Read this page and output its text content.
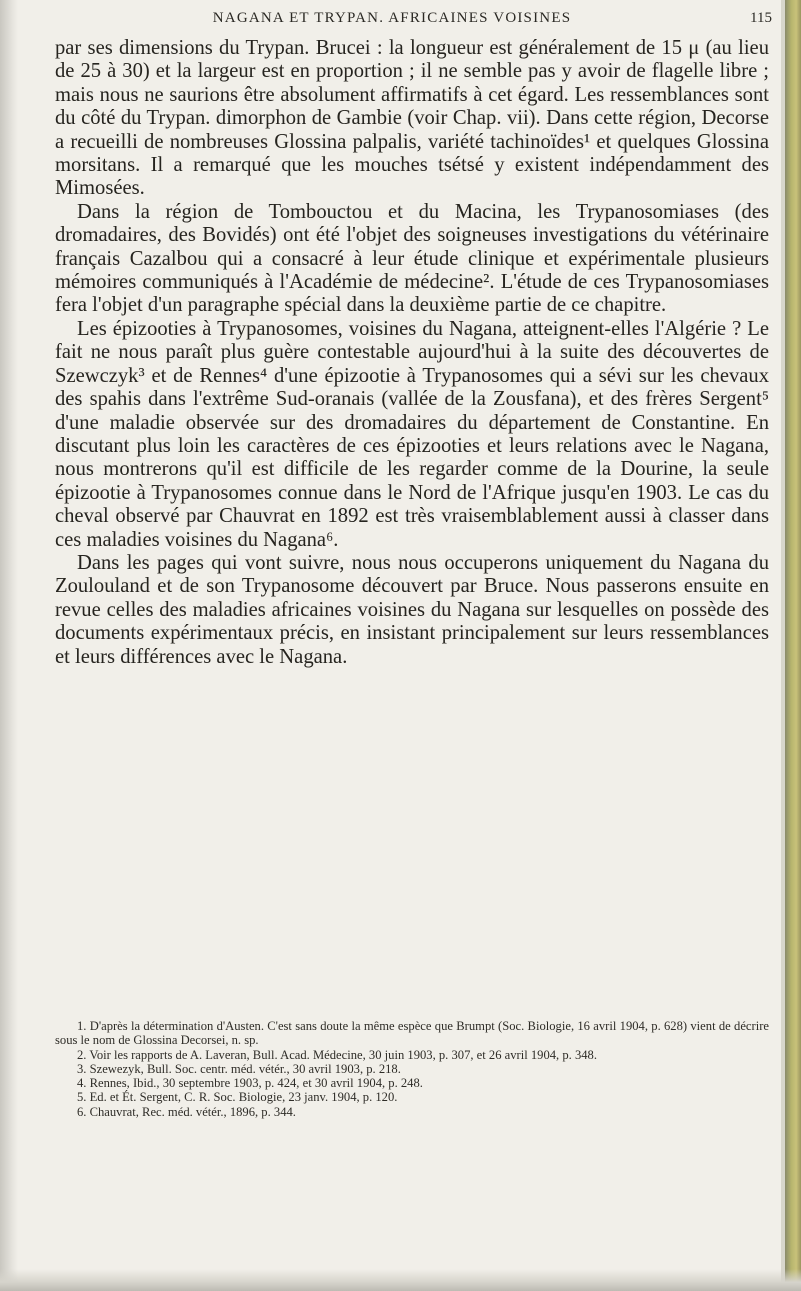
NAGANA ET TRYPAN. AFRICAINES VOISINES	115

par ses dimensions du Trypan. Brucei : la longueur est généralement de 15 μ (au lieu de 25 à 30) et la largeur est en proportion ; il ne semble pas y avoir de flagelle libre ; mais nous ne saurions être absolument affirmatifs à cet égard. Les ressemblances sont du côté du Trypan. dimorphon de Gambie (voir Chap. vii). Dans cette région, Decorse a recueilli de nombreuses Glossina palpalis, variété tachinoïdes¹ et quelques Glossina morsitans. Il a remarqué que les mouches tsétsé y existent indépendamment des Mimosées.

Dans la région de Tombouctou et du Macina, les Trypanosomiases (des dromadaires, des Bovidés) ont été l'objet des soigneuses investigations du vétérinaire français Cazalbou qui a consacré à leur étude clinique et expérimentale plusieurs mémoires communiqués à l'Académie de médecine². L'étude de ces Trypanosomiases fera l'objet d'un paragraphe spécial dans la deuxième partie de ce chapitre.

Les épizooties à Trypanosomes, voisines du Nagana, atteignent-elles l'Algérie ? Le fait ne nous paraît plus guère contestable aujourd'hui à la suite des découvertes de Szewczyk³ et de Rennes⁴ d'une épizootie à Trypanosomes qui a sévi sur les chevaux des spahis dans l'extrême Sud-oranais (vallée de la Zousfana), et des frères Sergent⁵ d'une maladie observée sur des dromadaires du département de Constantine. En discutant plus loin les caractères de ces épizooties et leurs relations avec le Nagana, nous montrerons qu'il est difficile de les regarder comme de la Dourine, la seule épizootie à Trypanosomes connue dans le Nord de l'Afrique jusqu'en 1903. Le cas du cheval observé par Chauvrat en 1892 est très vraisemblablement aussi à classer dans ces maladies voisines du Nagana⁶.

Dans les pages qui vont suivre, nous nous occuperons uniquement du Nagana du Zoulouland et de son Trypanosome découvert par Bruce. Nous passerons ensuite en revue celles des maladies africaines voisines du Nagana sur lesquelles on possède des documents expérimentaux précis, en insistant principalement sur leurs ressemblances et leurs différences avec le Nagana.

1. D'après la détermination d'Austen. C'est sans doute la même espèce que Brumpt (Soc. Biologie, 16 avril 1904, p. 628) vient de décrire sous le nom de Glossina Decorsei, n. sp.

2. Voir les rapports de A. Laveran, Bull. Acad. Médecine, 30 juin 1903, p. 307, et 26 avril 1904, p. 348.

3. Szewezyk, Bull. Soc. centr. méd. vétér., 30 avril 1903, p. 218.

4. Rennes, Ibid., 30 septembre 1903, p. 424, et 30 avril 1904, p. 248.

5. Ed. et Ét. Sergent, C. R. Soc. Biologie, 23 janv. 1904, p. 120.

6. Chauvrat, Rec. méd. vétér., 1896, p. 344.
